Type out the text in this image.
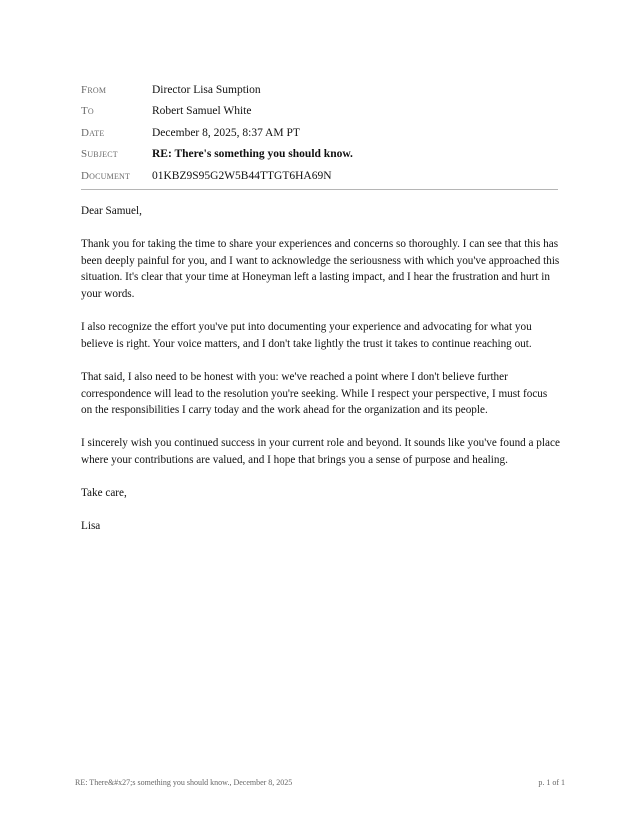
From	Director Lisa Sumption
To	Robert Samuel White
Date	December 8, 2025, 8:37 AM PT
Subject	RE: There's something you should know.
Document	01KBZ9S95G2W5B44TTGT6HA69N

Dear Samuel,

Thank you for taking the time to share your experiences and concerns so thoroughly. I can see that this has been deeply painful for you, and I want to acknowledge the seriousness with which you've approached this situation. It's clear that your time at Honeyman left a lasting impact, and I hear the frustration and hurt in your words.

I also recognize the effort you've put into documenting your experience and advocating for what you believe is right. Your voice matters, and I don't take lightly the trust it takes to continue reaching out.

That said, I also need to be honest with you: we've reached a point where I don't believe further correspondence will lead to the resolution you're seeking. While I respect your perspective, I must focus on the responsibilities I carry today and the work ahead for the organization and its people.

I sincerely wish you continued success in your current role and beyond. It sounds like you've found a place where your contributions are valued, and I hope that brings you a sense of purpose and healing.

Take care,

Lisa

RE: There&#x27;s something you should know., December 8, 2025	p. 1 of 1
